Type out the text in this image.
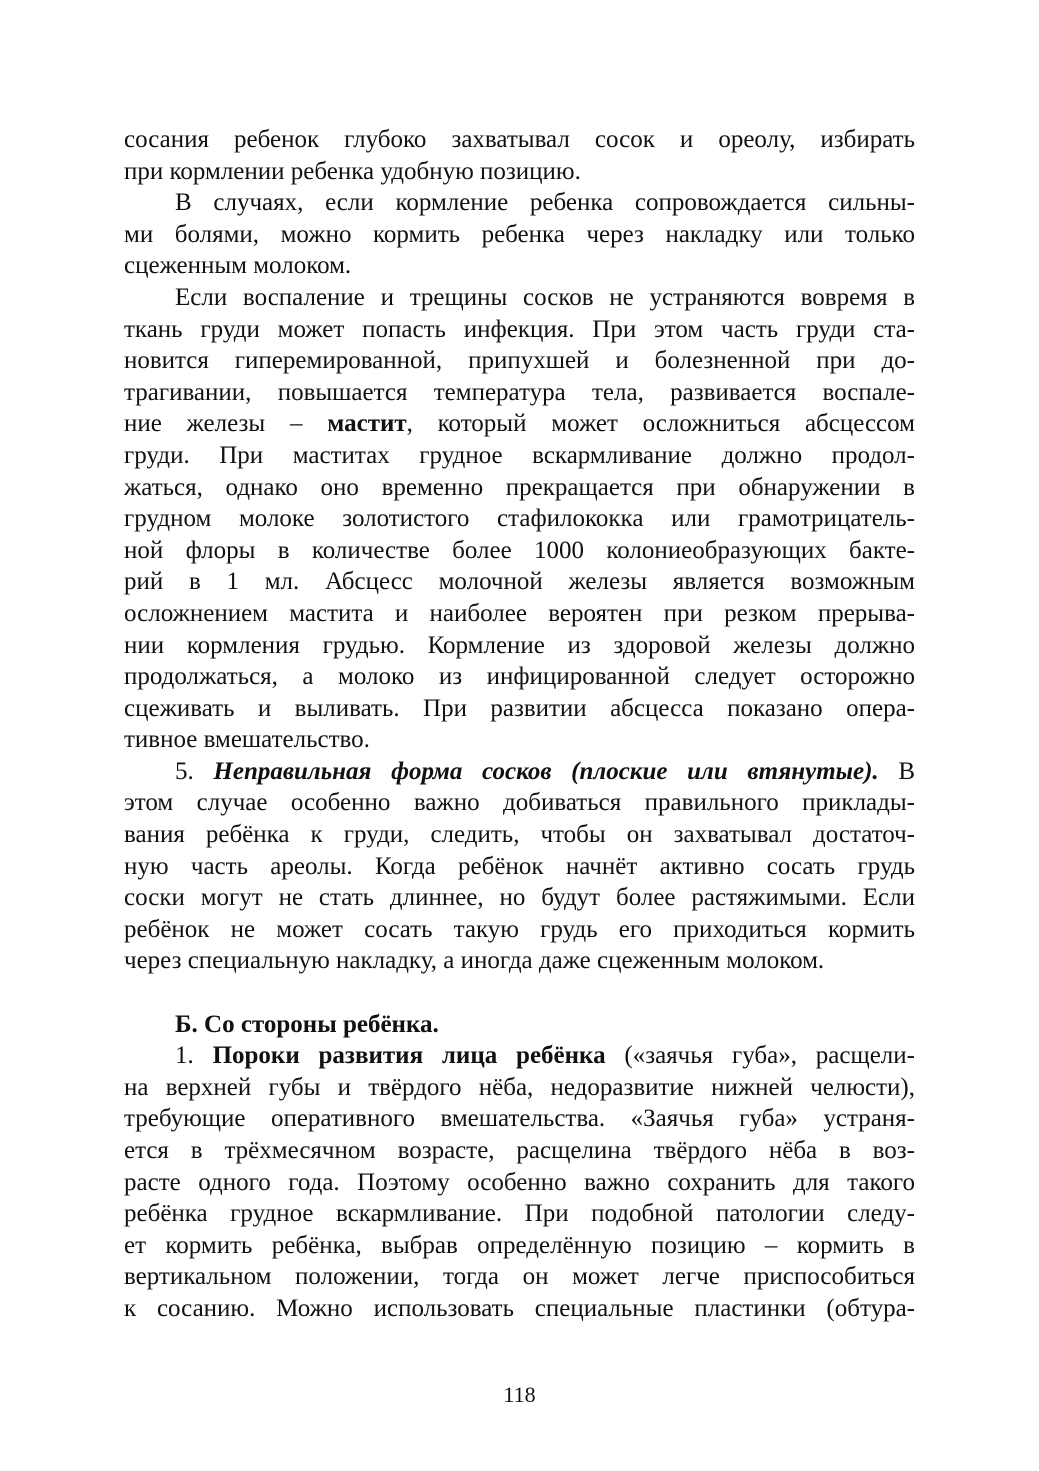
сосания ребенок глубоко захватывал сосок и ореолу, избирать
при кормлении ребенка удобную позицию.
В случаях, если кормление ребенка сопровождается сильны-
ми болями, можно кормить ребенка через накладку или только
сцеженным молоком.
Если воспаление и трещины сосков не устраняются вовремя в
ткань груди может попасть инфекция. При этом часть груди ста-
новится гиперемированной, припухшей и болезненной при до-
трагивании, повышается температура тела, развивается воспале-
ние железы – мастит, который может осложниться абсцессом
груди. При маститах грудное вскармливание должно продол-
жаться, однако оно временно прекращается при обнаружении в
грудном молоке золотистого стафилококка или грамотрицатель-
ной флоры в количестве более 1000 колониеобразующих бакте-
рий в 1 мл. Абсцесс молочной железы является возможным
осложнением мастита и наиболее вероятен при резком прерыва-
нии кормления грудью. Кормление из здоровой железы должно
продолжаться, а молоко из инфицированной следует осторожно
сцеживать и выливать. При развитии абсцесса показано опера-
тивное вмешательство.
5. Неправильная форма сосков (плоские или втянутые). В
этом случае особенно важно добиваться правильного приклады-
вания ребёнка к груди, следить, чтобы он захватывал достаточ-
ную часть ареолы. Когда ребёнок начнёт активно сосать грудь
соски могут не стать длиннее, но будут более растяжимыми. Если
ребёнок не может сосать такую грудь его приходиться кормить
через специальную накладку, а иногда даже сцеженным молоком.
Б. Со стороны ребёнка.
1. Пороки развития лица ребёнка («заячья губа», расщели-
на верхней губы и твёрдого нёба, недоразвитие нижней челюсти),
требующие оперативного вмешательства. «Заячья губа» устраня-
ется в трёхмесячном возрасте, расщелина твёрдого нёба в воз-
расте одного года. Поэтому особенно важно сохранить для такого
ребёнка грудное вскармливание. При подобной патологии следу-
ет кормить ребёнка, выбрав определённую позицию – кормить в
вертикальном положении, тогда он может легче приспособиться
к сосанию. Можно использовать специальные пластинки (обтура-
118
